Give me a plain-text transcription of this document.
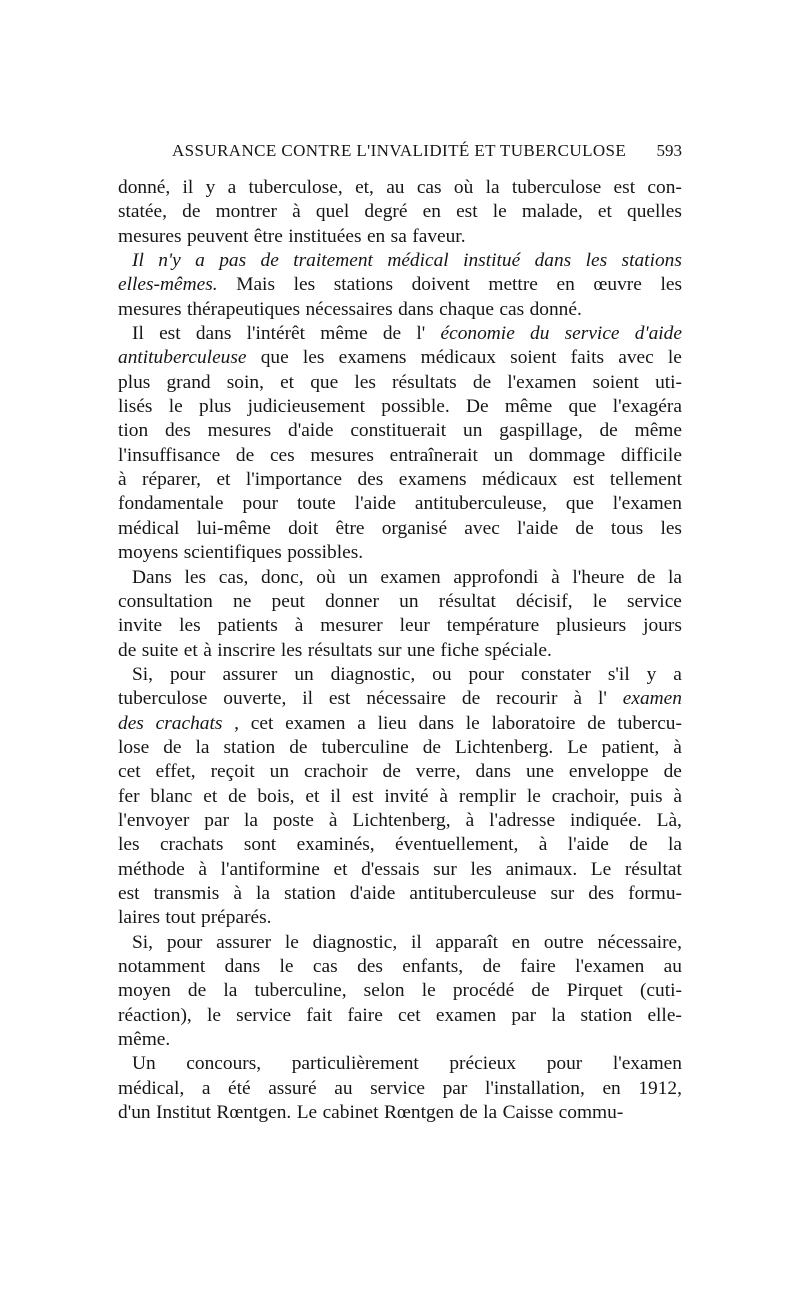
ASSURANCE CONTRE L'INVALIDITÉ ET TUBERCULOSE 593
donné, il y a tuberculose, et, au cas où la tuberculose est con-
statée, de montrer à quel degré en est le malade, et quelles
mesures peuvent être instituées en sa faveur.
Il n'y a pas de traitement médical institué dans les stations
elles-mêmes. Mais les stations doivent mettre en œuvre les
mesures thérapeutiques nécessaires dans chaque cas donné.
Il est dans l'intérêt même de l' économie du service d'aide
antituberculeuse que les examens médicaux soient faits avec le
plus grand soin, et que les résultats de l'examen soient uti-
lisés le plus judicieusement possible. De même que l'exagéra
tion des mesures d'aide constituerait un gaspillage, de même
l'insuffisance de ces mesures entraînerait un dommage difficile
à réparer, et l'importance des examens médicaux est tellement
fondamentale pour toute l'aide antituberculeuse, que l'examen
médical lui-même doit être organisé avec l'aide de tous les
moyens scientifiques possibles.
Dans les cas, donc, où un examen approfondi à l'heure de la
consultation ne peut donner un résultat décisif, le service
invite les patients à mesurer leur température plusieurs jours
de suite et à inscrire les résultats sur une fiche spéciale.
Si, pour assurer un diagnostic, ou pour constater s'il y a
tuberculose ouverte, il est nécessaire de recourir à l' examen
des crachats , cet examen a lieu dans le laboratoire de tubercu-
lose de la station de tuberculine de Lichtenberg. Le patient, à
cet effet, reçoit un crachoir de verre, dans une enveloppe de
fer blanc et de bois, et il est invité à remplir le crachoir, puis à
l'envoyer par la poste à Lichtenberg, à l'adresse indiquée. Là,
les crachats sont examinés, éventuellement, à l'aide de la
méthode à l'antiformine et d'essais sur les animaux. Le résultat
est transmis à la station d'aide antituberculeuse sur des formu-
laires tout préparés.
Si, pour assurer le diagnostic, il apparaît en outre nécessaire,
notamment dans le cas des enfants, de faire l'examen au
moyen de la tuberculine, selon le procédé de Pirquet (cuti-
réaction), le service fait faire cet examen par la station elle-
même.
Un concours, particulièrement précieux pour l'examen
médical, a été assuré au service par l'installation, en 1912,
d'un Institut Rœntgen. Le cabinet Rœntgen de la Caisse commu-
